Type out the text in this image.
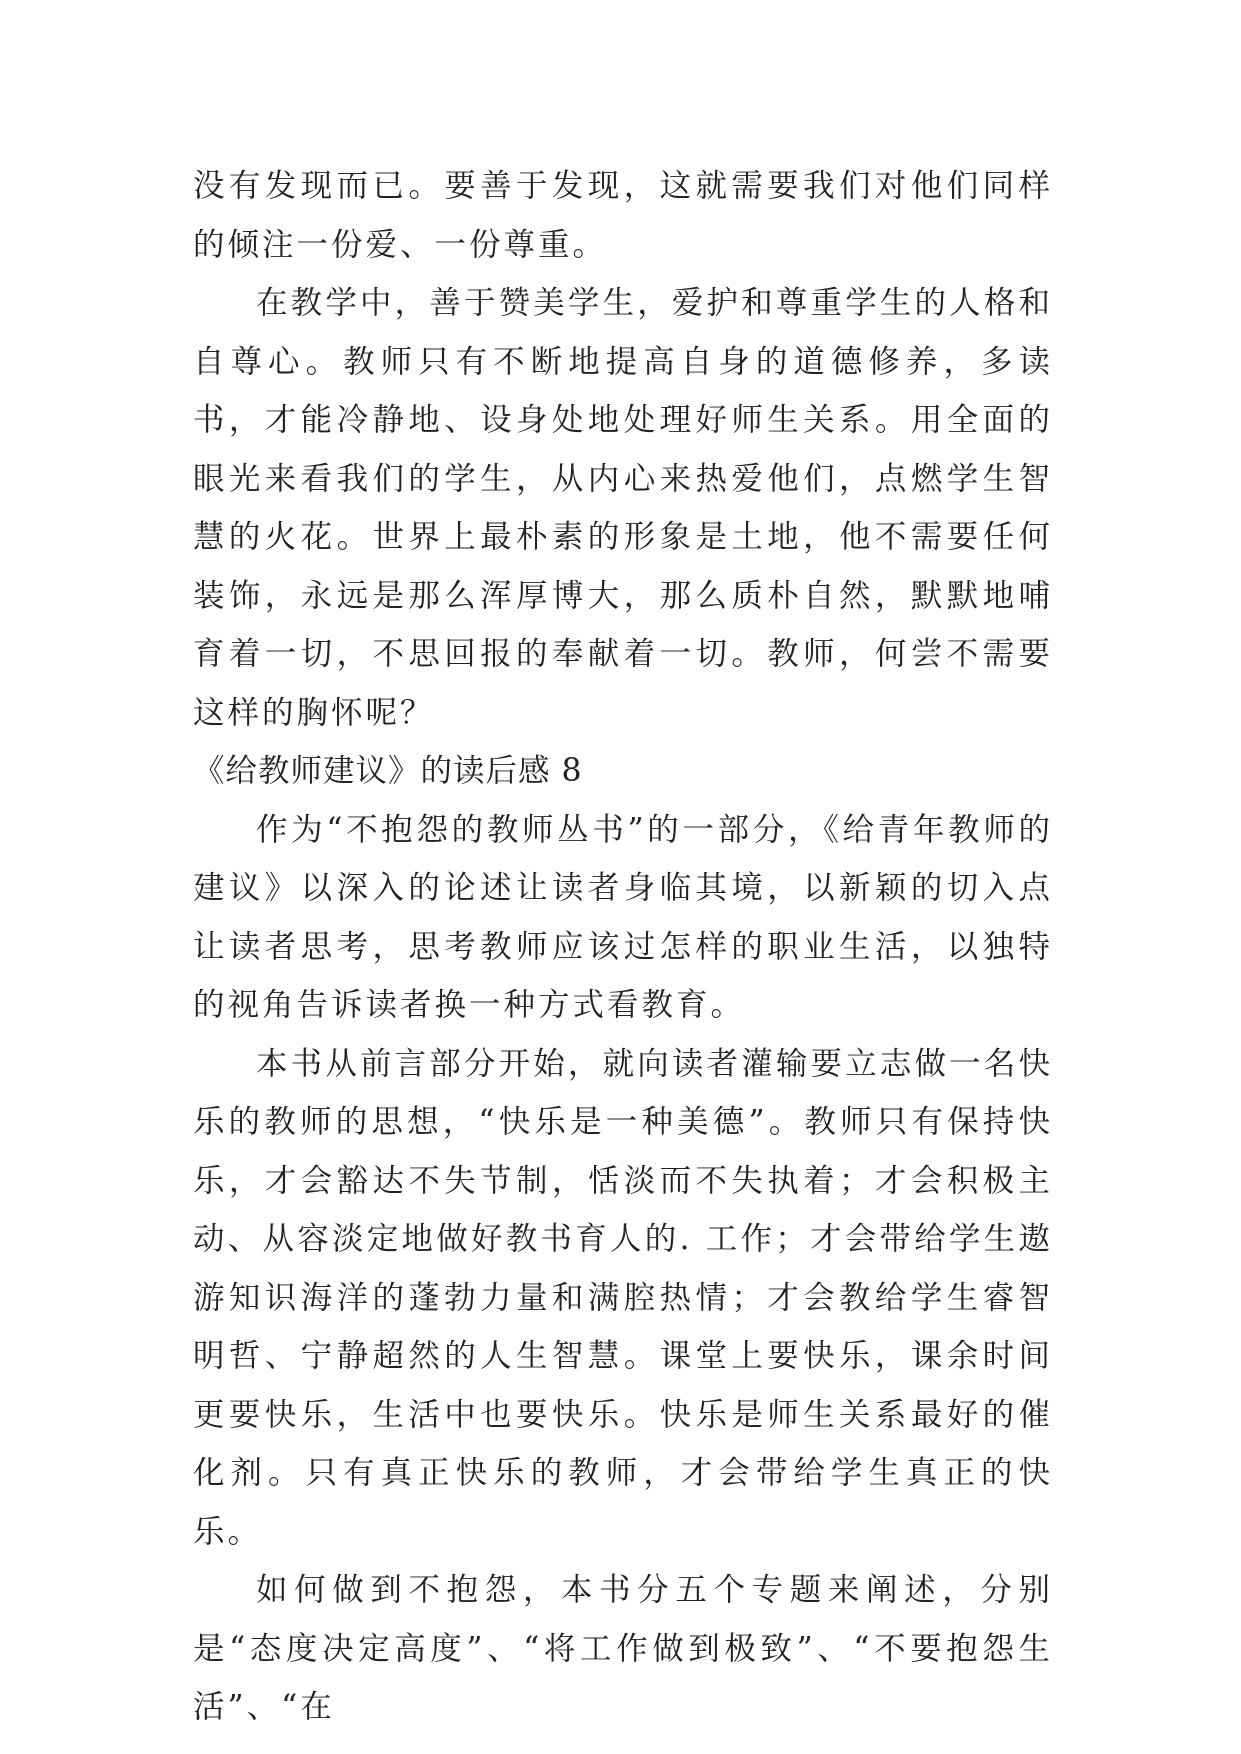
没有发现而已。要善于发现，这就需要我们对他们同样的倾注一份爱、一份尊重。

在教学中，善于赞美学生，爱护和尊重学生的人格和自尊心。教师只有不断地提高自身的道德修养，多读书，才能冷静地、设身处地处理好师生关系。用全面的眼光来看我们的学生，从内心来热爱他们，点燃学生智慧的火花。世界上最朴素的形象是土地，他不需要任何装饰，永远是那么浑厚博大，那么质朴自然，默默地哺育着一切，不思回报的奉献着一切。教师，何尝不需要这样的胸怀呢？

《给教师建议》的读后感 8

作为“不抱怨的教师丛书”的一部分，《给青年教师的建议》以深入的论述让读者身临其境，以新颖的切入点让读者思考，思考教师应该过怎样的职业生活，以独特的视角告诉读者换一种方式看教育。

本书从前言部分开始，就向读者灌输要立志做一名快乐的教师的思想，“快乐是一种美德”。教师只有保持快乐，才会豁达不失节制，恬淡而不失执着；才会积极主动、从容淡定地做好教书育人的. 工作；才会带给学生遨游知识海洋的蓬勃力量和满腔热情；才会教给学生睿智明哲、宁静超然的人生智慧。课堂上要快乐，课余时间更要快乐，生活中也要快乐。快乐是师生关系最好的催化剂。只有真正快乐的教师，才会带给学生真正的快乐。

如何做到不抱怨，本书分五个专题来阐述，分别是“态度决定高度”、“将工作做到极致”、“不要抱怨生活”、“在
